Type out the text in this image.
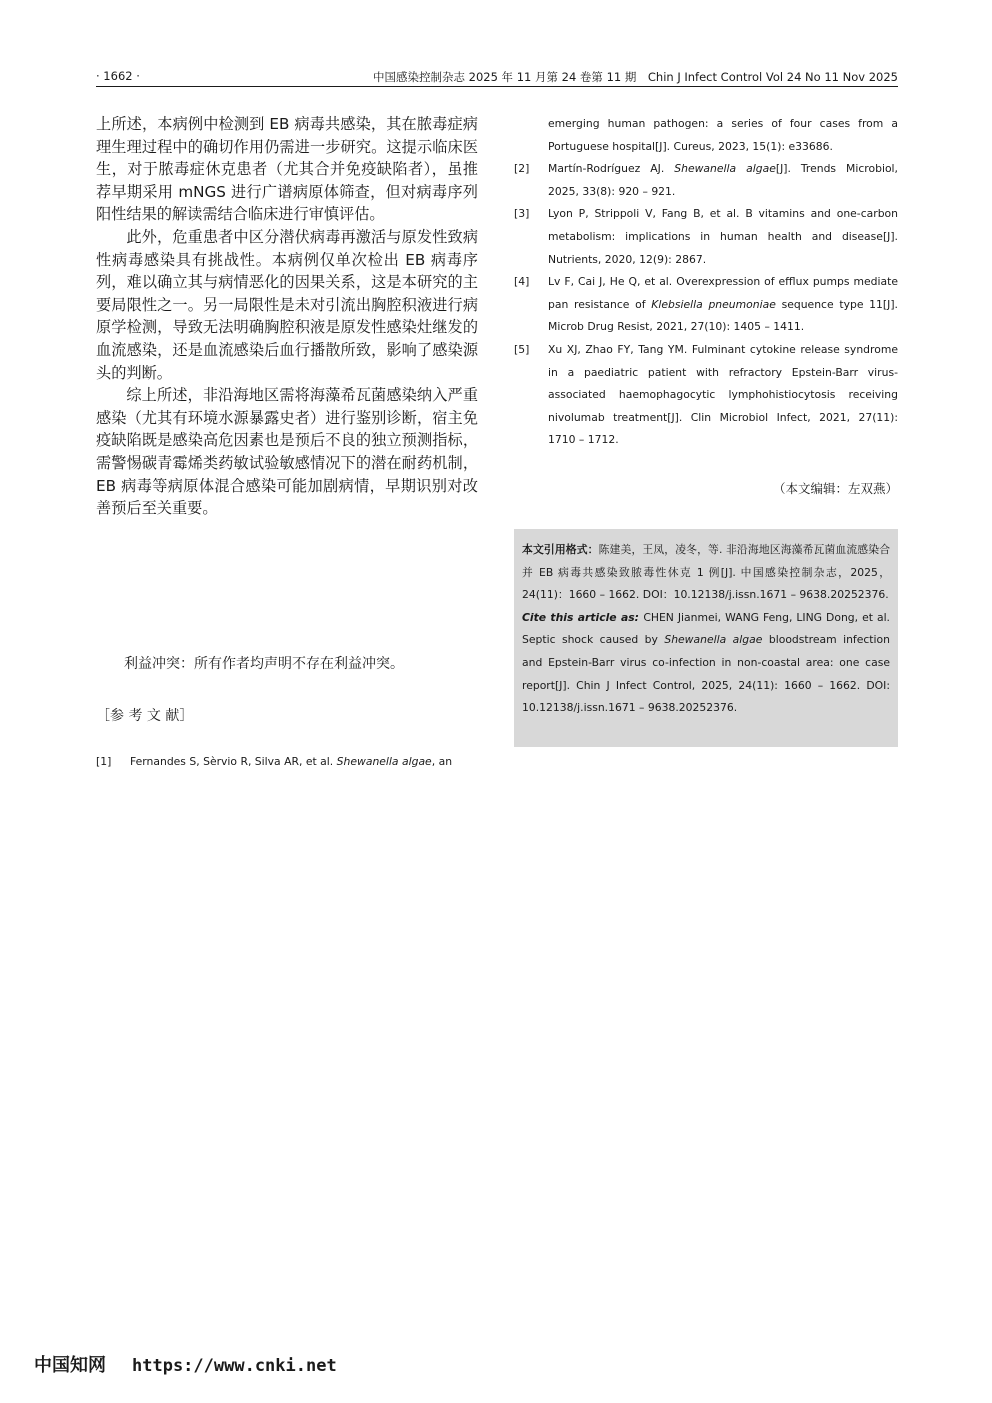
· 1662 ·	中国感染控制杂志 2025 年 11 月第 24 卷第 11 期　Chin J Infect Control Vol 24 No 11 Nov 2025

上所述，本病例中检测到 EB 病毒共感染，其在脓毒症病理生理过程中的确切作用仍需进一步研究。这提示临床医生，对于脓毒症休克患者（尤其合并免疫缺陷者），虽推荐早期采用 mNGS 进行广谱病原体筛查，但对病毒序列阳性结果的解读需结合临床进行审慎评估。

此外，危重患者中区分潜伏病毒再激活与原发性致病性病毒感染具有挑战性。本病例仅单次检出 EB 病毒序列，难以确立其与病情恶化的因果关系，这是本研究的主要局限性之一。另一局限性是未对引流出胸腔积液进行病原学检测，导致无法明确胸腔积液是原发性感染灶继发的血流感染，还是血流感染后血行播散所致，影响了感染源头的判断。

综上所述，非沿海地区需将海藻希瓦菌感染纳入严重感染（尤其有环境水源暴露史者）进行鉴别诊断，宿主免疫缺陷既是感染高危因素也是预后不良的独立预测指标，需警惕碳青霉烯类药敏试验敏感情况下的潜在耐药机制，EB 病毒等病原体混合感染可能加剧病情，早期识别对改善预后至关重要。

利益冲突：所有作者均声明不存在利益冲突。

［参 考 文 献］
[1] Fernandes S, Sèrvio R, Silva AR, et al. Shewanella algae, an
emerging human pathogen: a series of four cases from a Portuguese hospital[J]. Cureus, 2023, 15(1): e33686.
[2] Martín-Rodríguez AJ. Shewanella algae[J]. Trends Microbiol, 2025, 33(8): 920 – 921.
[3] Lyon P, Strippoli V, Fang B, et al. B vitamins and one-carbon metabolism: implications in human health and disease[J]. Nutrients, 2020, 12(9): 2867.
[4] Lv F, Cai J, He Q, et al. Overexpression of efflux pumps mediate pan resistance of Klebsiella pneumoniae sequence type 11[J]. Microb Drug Resist, 2021, 27(10): 1405 – 1411.
[5] Xu XJ, Zhao FY, Tang YM. Fulminant cytokine release syndrome in a paediatric patient with refractory Epstein-Barr virus-associated haemophagocytic lymphohistiocytosis receiving nivolumab treatment[J]. Clin Microbiol Infect, 2021, 27(11): 1710 – 1712.
（本文编辑：左双燕）

本文引用格式：陈建美，王凤，凌冬，等. 非沿海地区海藻希瓦菌血流感染合并 EB 病毒共感染致脓毒性休克 1 例[J]. 中国感染控制杂志，2025，24(11)：1660 – 1662. DOI：10.12138/j.issn.1671 – 9638.20252376.

Cite this article as: CHEN Jianmei, WANG Feng, LING Dong, et al. Septic shock caused by Shewanella algae bloodstream infection and Epstein-Barr virus co-infection in non-coastal area: one case report[J]. Chin J Infect Control, 2025, 24(11): 1660 – 1662. DOI: 10.12138/j.issn.1671 – 9638.20252376.

中国知网 https://www.cnki.net
